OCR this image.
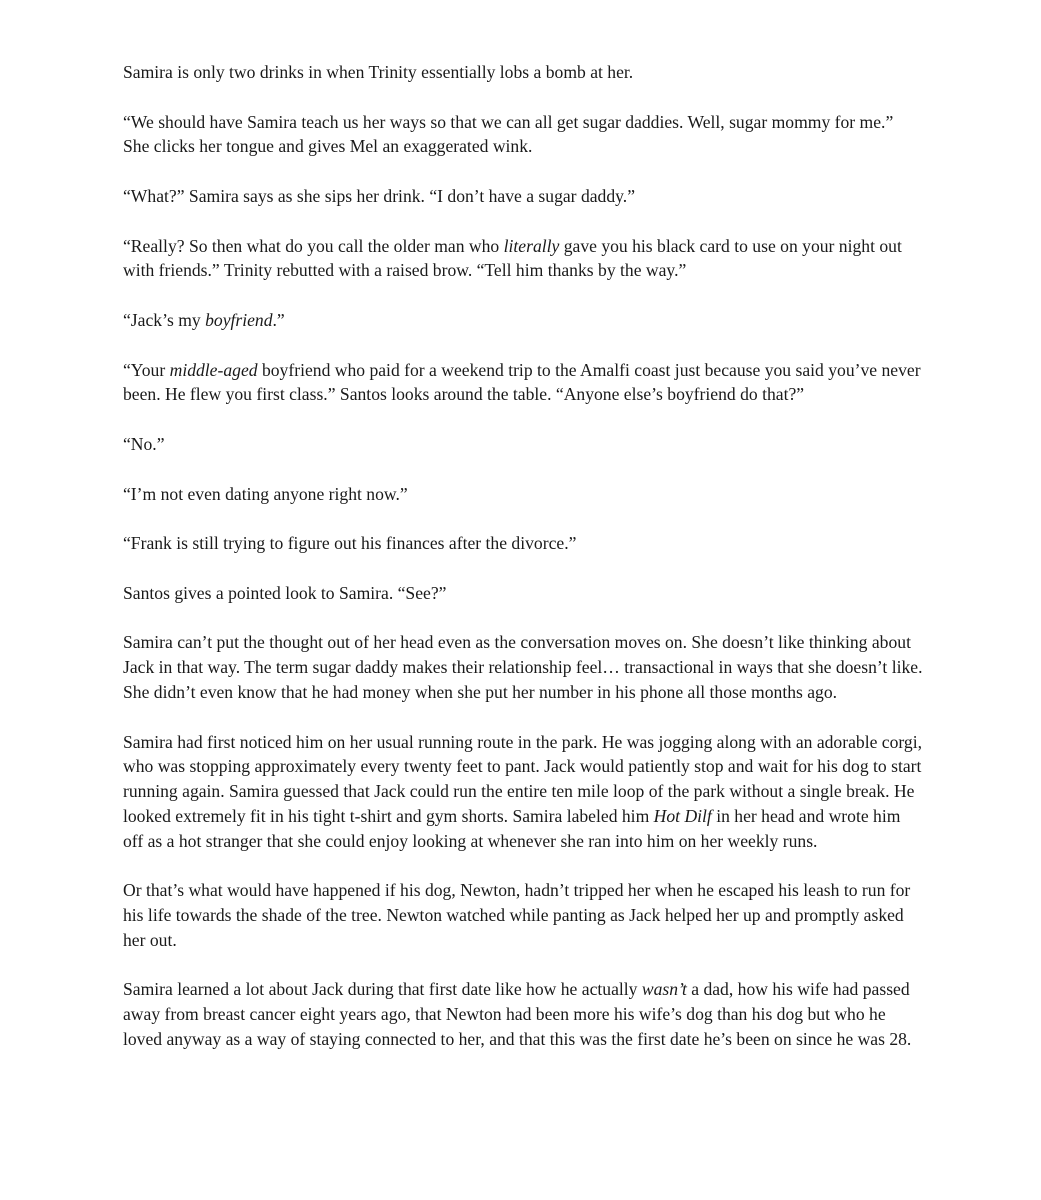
Samira is only two drinks in when Trinity essentially lobs a bomb at her.

“We should have Samira teach us her ways so that we can all get sugar daddies. Well, sugar mommy for me.” She clicks her tongue and gives Mel an exaggerated wink.

“What?” Samira says as she sips her drink. “I don’t have a sugar daddy.”

“Really? So then what do you call the older man who literally gave you his black card to use on your night out with friends.” Trinity rebutted with a raised brow. “Tell him thanks by the way.”

“Jack’s my boyfriend.”

“Your middle-aged boyfriend who paid for a weekend trip to the Amalfi coast just because you said you’ve never been. He flew you first class.” Santos looks around the table. “Anyone else’s boyfriend do that?”

“No.”

“I’m not even dating anyone right now.”

“Frank is still trying to figure out his finances after the divorce.”

Santos gives a pointed look to Samira. “See?”

Samira can’t put the thought out of her head even as the conversation moves on. She doesn’t like thinking about Jack in that way. The term sugar daddy makes their relationship feel… transactional in ways that she doesn’t like. She didn’t even know that he had money when she put her number in his phone all those months ago.

Samira had first noticed him on her usual running route in the park. He was jogging along with an adorable corgi, who was stopping approximately every twenty feet to pant. Jack would patiently stop and wait for his dog to start running again. Samira guessed that Jack could run the entire ten mile loop of the park without a single break. He looked extremely fit in his tight t-shirt and gym shorts. Samira labeled him Hot Dilf in her head and wrote him off as a hot stranger that she could enjoy looking at whenever she ran into him on her weekly runs.

Or that’s what would have happened if his dog, Newton, hadn’t tripped her when he escaped his leash to run for his life towards the shade of the tree. Newton watched while panting as Jack helped her up and promptly asked her out.

Samira learned a lot about Jack during that first date like how he actually wasn’t a dad, how his wife had passed away from breast cancer eight years ago, that Newton had been more his wife’s dog than his dog but who he loved anyway as a way of staying connected to her, and that this was the first date he’s been on since he was 28.
